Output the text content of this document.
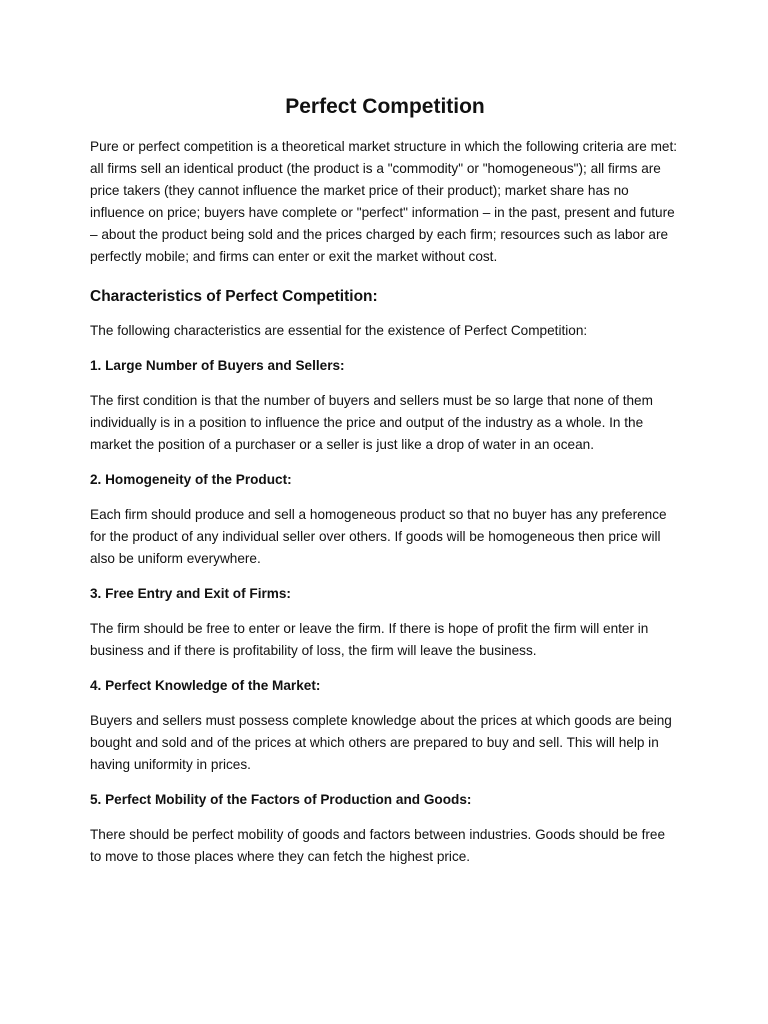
Perfect Competition

Pure or perfect competition is a theoretical market structure in which the following criteria are met: all firms sell an identical product (the product is a "commodity" or "homogeneous"); all firms are price takers (they cannot influence the market price of their product); market share has no influence on price; buyers have complete or "perfect" information – in the past, present and future – about the product being sold and the prices charged by each firm; resources such as labor are perfectly mobile; and firms can enter or exit the market without cost.

Characteristics of Perfect Competition:

The following characteristics are essential for the existence of Perfect Competition:

1. Large Number of Buyers and Sellers:

The first condition is that the number of buyers and sellers must be so large that none of them individually is in a position to influence the price and output of the industry as a whole. In the market the position of a purchaser or a seller is just like a drop of water in an ocean.

2. Homogeneity of the Product:

Each firm should produce and sell a homogeneous product so that no buyer has any preference for the product of any individual seller over others. If goods will be homogeneous then price will also be uniform everywhere.

3. Free Entry and Exit of Firms:

The firm should be free to enter or leave the firm. If there is hope of profit the firm will enter in business and if there is profitability of loss, the firm will leave the business.

4. Perfect Knowledge of the Market:

Buyers and sellers must possess complete knowledge about the prices at which goods are being bought and sold and of the prices at which others are prepared to buy and sell. This will help in having uniformity in prices.

5. Perfect Mobility of the Factors of Production and Goods:

There should be perfect mobility of goods and factors between industries. Goods should be free to move to those places where they can fetch the highest price.
